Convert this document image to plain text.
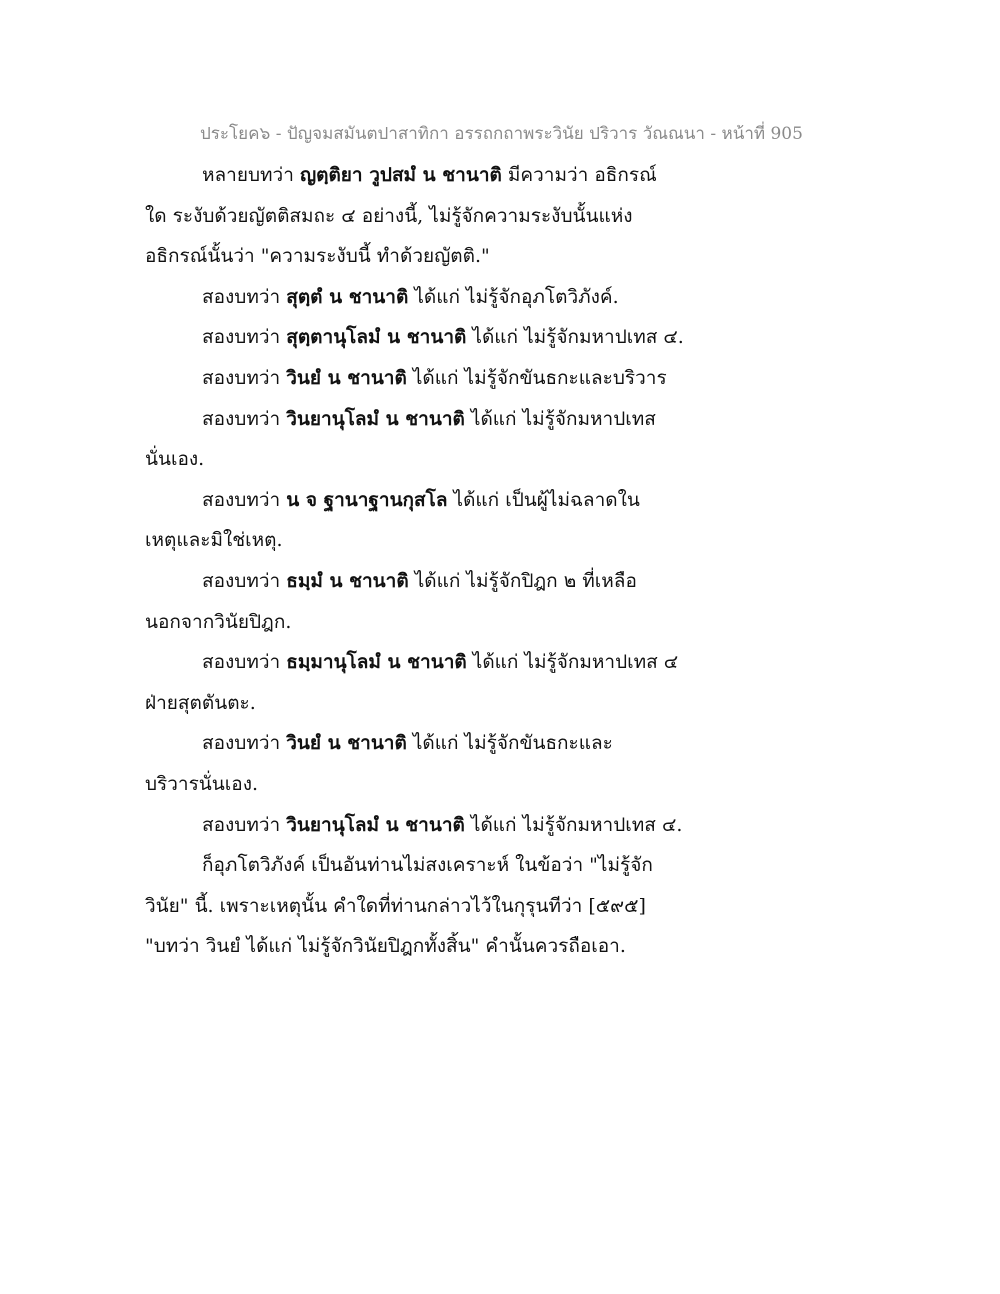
ประโยค๖ - ปัญจมสมันตปาสาทิกา อรรถกถาพระวินัย ปริวาร วัณณนา - หน้าที่ 905
หลายบทว่า ญตฺติยา วูปสมํ น ชานาติ มีความว่า อธิกรณ์
ใด ระงับด้วยญัตติสมถะ ๔ อย่างนี้, ไม่รู้จักความระงับนั้นแห่ง
อธิกรณ์นั้นว่า "ความระงับนี้ ทำด้วยญัตติ."
สองบทว่า สุตฺตํ น ชานาติ ได้แก่ ไม่รู้จักอุภโตวิภังค์.
สองบทว่า สุตฺตานุโลมํ น ชานาติ ได้แก่ ไม่รู้จักมหาปเทส ๔.
สองบทว่า วินยํ น ชานาติ ได้แก่ ไม่รู้จักขันธกะและบริวาร
สองบทว่า วินยานุโลมํ น ชานาติ ได้แก่ ไม่รู้จักมหาปเทส
นั่นเอง.
สองบทว่า น จ ฐานาฐานกุสโล ได้แก่ เป็นผู้ไม่ฉลาดใน
เหตุและมิใช่เหตุ.
สองบทว่า ธมฺมํ น ชานาติ ได้แก่ ไม่รู้จักปิฎก ๒ ที่เหลือ
นอกจากวินัยปิฎก.
สองบทว่า ธมฺมานุโลมํ น ชานาติ ได้แก่ ไม่รู้จักมหาปเทส ๔
ฝ่ายสุตตันตะ.
สองบทว่า วินยํ น ชานาติ ได้แก่ ไม่รู้จักขันธกะและ
บริวารนั่นเอง.
สองบทว่า วินยานุโลมํ น ชานาติ ได้แก่ ไม่รู้จักมหาปเทส ๔.
ก็อุภโตวิภังค์ เป็นอันท่านไม่สงเคราะห์ ในข้อว่า "ไม่รู้จัก
วินัย" นี้. เพราะเหตุนั้น คำใดที่ท่านกล่าวไว้ในกุรุนทีว่า [๕๙๕]
"บทว่า วินยํ ได้แก่ ไม่รู้จักวินัยปิฎกทั้งสิ้น" คำนั้นควรถือเอา.
